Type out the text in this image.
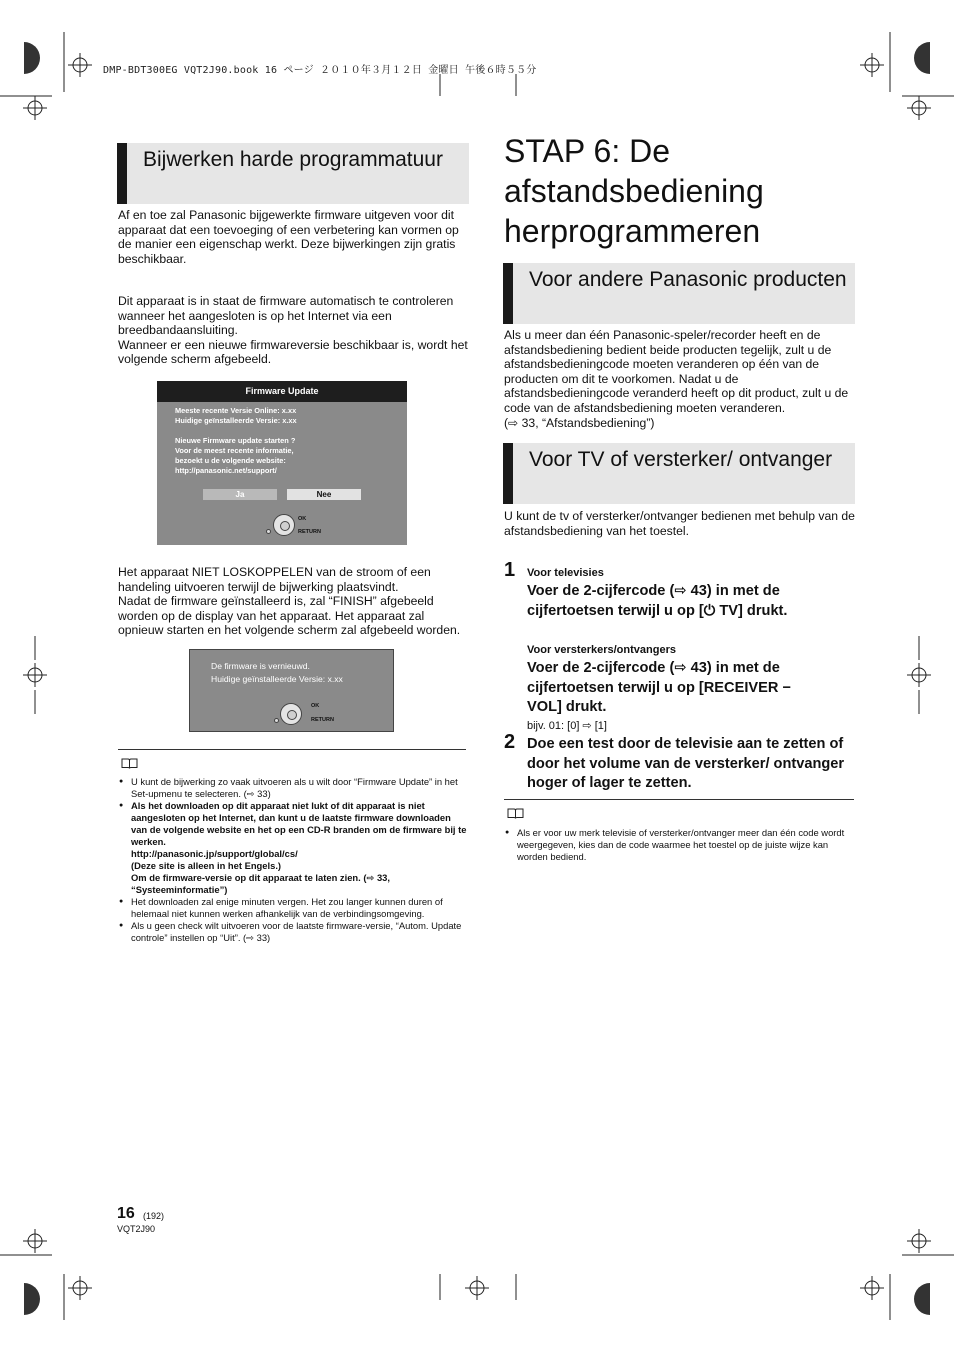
DMP-BDT300EG VQT2J90.book 16 ページ ２０１０年３月１２日 金曜日 午後６時５５分
Bijwerken harde programmatuur
Af en toe zal Panasonic bijgewerkte firmware uitgeven voor dit apparaat dat een toevoeging of een verbetering kan vormen op de manier een eigenschap werkt. Deze bijwerkingen zijn gratis beschikbaar.
Dit apparaat is in staat de firmware automatisch te controleren wanneer het aangesloten is op het Internet via een breedbandaansluiting.
Wanneer er een nieuwe firmwareversie beschikbaar is, wordt het volgende scherm afgebeeld.
Firmware Update
Meeste recente Versie Online: x.xx
Huidige geïnstalleerde Versie: x.xx
Nieuwe Firmware update starten ?
Voor de meest recente informatie,
bezoekt u de volgende website:
http://panasonic.net/support/
Ja	Nee
OK
RETURN
Het apparaat NIET LOSKOPPELEN van de stroom of een handeling uitvoeren terwijl de bijwerking plaatsvindt.
Nadat de firmware geïnstalleerd is, zal “FINISH” afgebeeld worden op de display van het apparaat. Het apparaat zal opnieuw starten en het volgende scherm zal afgebeeld worden.
De firmware is vernieuwd.
Huidige geïnstalleerde Versie: x.xx
OK
RETURN
● U kunt de bijwerking zo vaak uitvoeren als u wilt door “Firmware Update” in het Set-upmenu te selecteren. (⇨ 33)
● Als het downloaden op dit apparaat niet lukt of dit apparaat is niet aangesloten op het Internet, dan kunt u de laatste firmware downloaden van de volgende website en het op een CD-R branden om de firmware bij te werken.
http://panasonic.jp/support/global/cs/
(Deze site is alleen in het Engels.)
Om de firmware-versie op dit apparaat te laten zien. (⇨ 33, “Systeeminformatie”)
● Het downloaden zal enige minuten vergen. Het zou langer kunnen duren of helemaal niet kunnen werken afhankelijk van de verbindingsomgeving.
● Als u geen check wilt uitvoeren voor de laatste firmware-versie, “Autom. Update controle” instellen op “Uit”. (⇨ 33)
STAP 6: De afstandsbediening herprogrammeren
Voor andere Panasonic producten
Als u meer dan één Panasonic-speler/recorder heeft en de afstandsbediening bedient beide producten tegelijk, zult u de afstandsbedieningcode moeten veranderen op één van de producten om dit te voorkomen. Nadat u de afstandsbedieningcode veranderd heeft op dit product, zult u de code van de afstandsbediening moeten veranderen.
(⇨ 33, “Afstandsbediening”)
Voor TV of versterker/ ontvanger
U kunt de tv of versterker/ontvanger bedienen met behulp van de afstandsbediening van het toestel.
1 Voor televisies
Voer de 2-cijfercode (⇨ 43) in met de cijfertoetsen terwijl u op [⏻ TV] drukt.
Voor versterkers/ontvangers
Voer de 2-cijfercode (⇨ 43) in met de cijfertoetsen terwijl u op [RECEIVER − VOL] drukt.
bijv. 01: [0] ⇨ [1]
2 Doe een test door de televisie aan te zetten of door het volume van de versterker/ ontvanger hoger of lager te zetten.
● Als er voor uw merk televisie of versterker/ontvanger meer dan één code wordt weergegeven, kies dan de code waarmee het toestel op de juiste wijze kan worden bediend.
16 (192)
VQT2J90
